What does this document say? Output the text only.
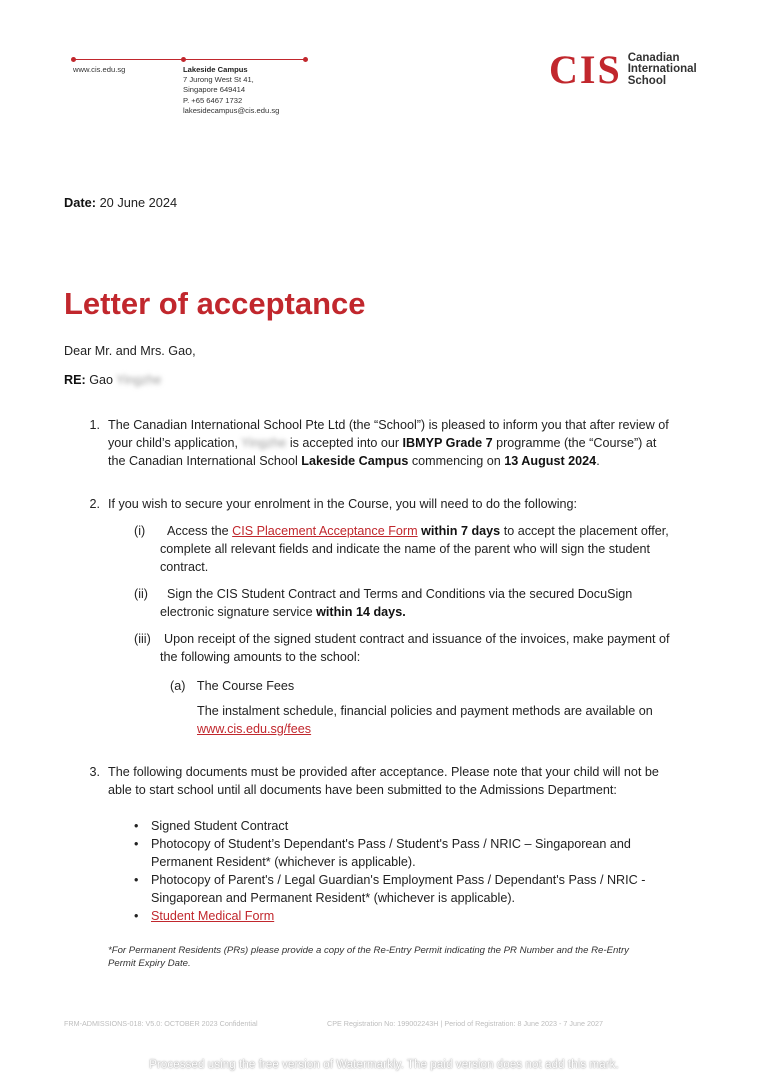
www.cis.edu.sg	Lakeside Campus
7 Jurong West St 41,
Singapore 649414
P. +65 6467 1732
lakesidecampus@cis.edu.sg
CIS Canadian
International
School
Date: 20 June 2024
Letter of acceptance
Dear Mr. and Mrs. Gao,
RE: Gao Yingzhe
1. The Canadian International School Pte Ltd (the “School”) is pleased to inform you that after review of
your child’s application, Yingzhe is accepted into our IBMYP Grade 7 programme (the “Course”) at
the Canadian International School Lakeside Campus commencing on 13 August 2024.
2. If you wish to secure your enrolment in the Course, you will need to do the following:
(i)	Access the CIS Placement Acceptance Form within 7 days to accept the placement offer,
complete all relevant fields and indicate the name of the parent who will sign the student
contract.
(ii)	Sign the CIS Student Contract and Terms and Conditions via the secured DocuSign
electronic signature service within 14 days.
(iii)	Upon receipt of the signed student contract and issuance of the invoices, make payment of
the following amounts to the school:
(a) The Course Fees
The instalment schedule, financial policies and payment methods are available on
www.cis.edu.sg/fees
3. The following documents must be provided after acceptance. Please note that your child will not be
able to start school until all documents have been submitted to the Admissions Department:
• Signed Student Contract
• Photocopy of Student’s Dependant's Pass / Student's Pass / NRIC – Singaporean and
Permanent Resident* (whichever is applicable).
• Photocopy of Parent's / Legal Guardian's Employment Pass / Dependant's Pass / NRIC -
Singaporean and Permanent Resident* (whichever is applicable).
• Student Medical Form
*For Permanent Residents (PRs) please provide a copy of the Re-Entry Permit indicating the PR Number and the Re-Entry
Permit Expiry Date.
FRM-ADMISSIONS-018: V5.0: OCTOBER 2023 Confidential	CPE Registration No: 199002243H | Period of Registration: 8 June 2023 - 7 June 2027
Processed using the free version of Watermarkly. The paid version does not add this mark.
